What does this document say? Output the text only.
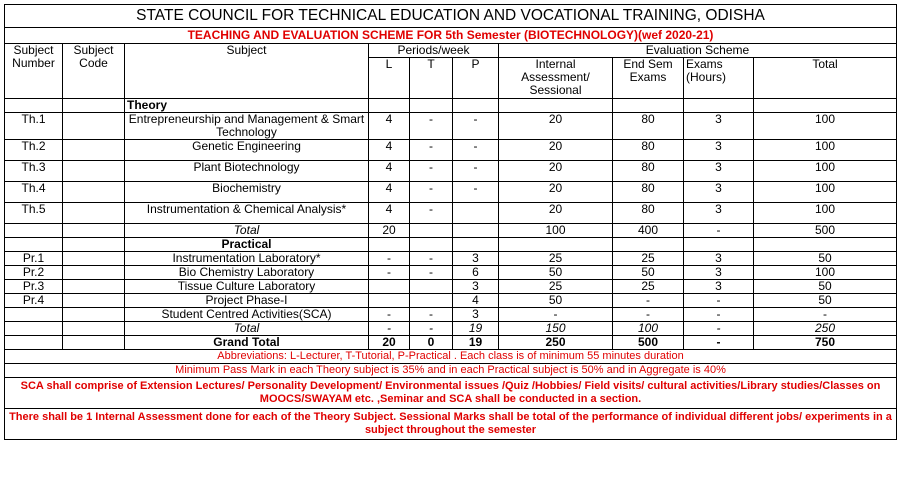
STATE COUNCIL FOR TECHNICAL EDUCATION AND VOCATIONAL TRAINING, ODISHA									
TEACHING AND EVALUATION SCHEME FOR 5th Semester (BIOTECHNOLOGY)(wef 2020-21)									
Subject Number	Subject Code	Subject	Periods/week			Evaluation Scheme			
			L	T	P	Internal Assessment/ Sessional	End Sem Exams	Exams (Hours)	Total
		Theory							
Th.1		Entrepreneurship and Management & Smart Technology	4	-	-	20	80	3	100
Th.2		Genetic Engineering	4	-	-	20	80	3	100
Th.3		Plant Biotechnology	4	-	-	20	80	3	100
Th.4		Biochemistry	4	-	-	20	80	3	100
Th.5		Instrumentation & Chemical Analysis*	4	-		20	80	3	100
		Total	20			100	400	-	500
		Practical							
Pr.1		Instrumentation Laboratory*	-	-	3	25	25	3	50
Pr.2		Bio Chemistry Laboratory	-	-	6	50	50	3	100
Pr.3		Tissue Culture Laboratory			3	25	25	3	50
Pr.4		Project Phase-I			4	50	-	-	50
		Student Centred Activities(SCA)	-	-	3	-	-	-	-
		Total	-	-	19	150	100	-	250
		Grand Total	20	0	19	250	500	-	750
Abbreviations: L-Lecturer, T-Tutorial, P-Practical . Each class is of minimum 55 minutes duration									
Minimum Pass Mark in each Theory subject is 35% and in each Practical subject is 50% and in Aggregate is 40%									
SCA shall comprise of Extension Lectures/ Personality Development/ Environmental issues /Quiz /Hobbies/ Field visits/ cultural activities/Library studies/Classes on MOOCS/SWAYAM etc. ,Seminar and SCA shall be conducted in a section.									
There shall be 1 Internal Assessment done for each of the Theory Subject. Sessional Marks shall be total of the performance of individual different jobs/ experiments in a subject throughout the semester									
